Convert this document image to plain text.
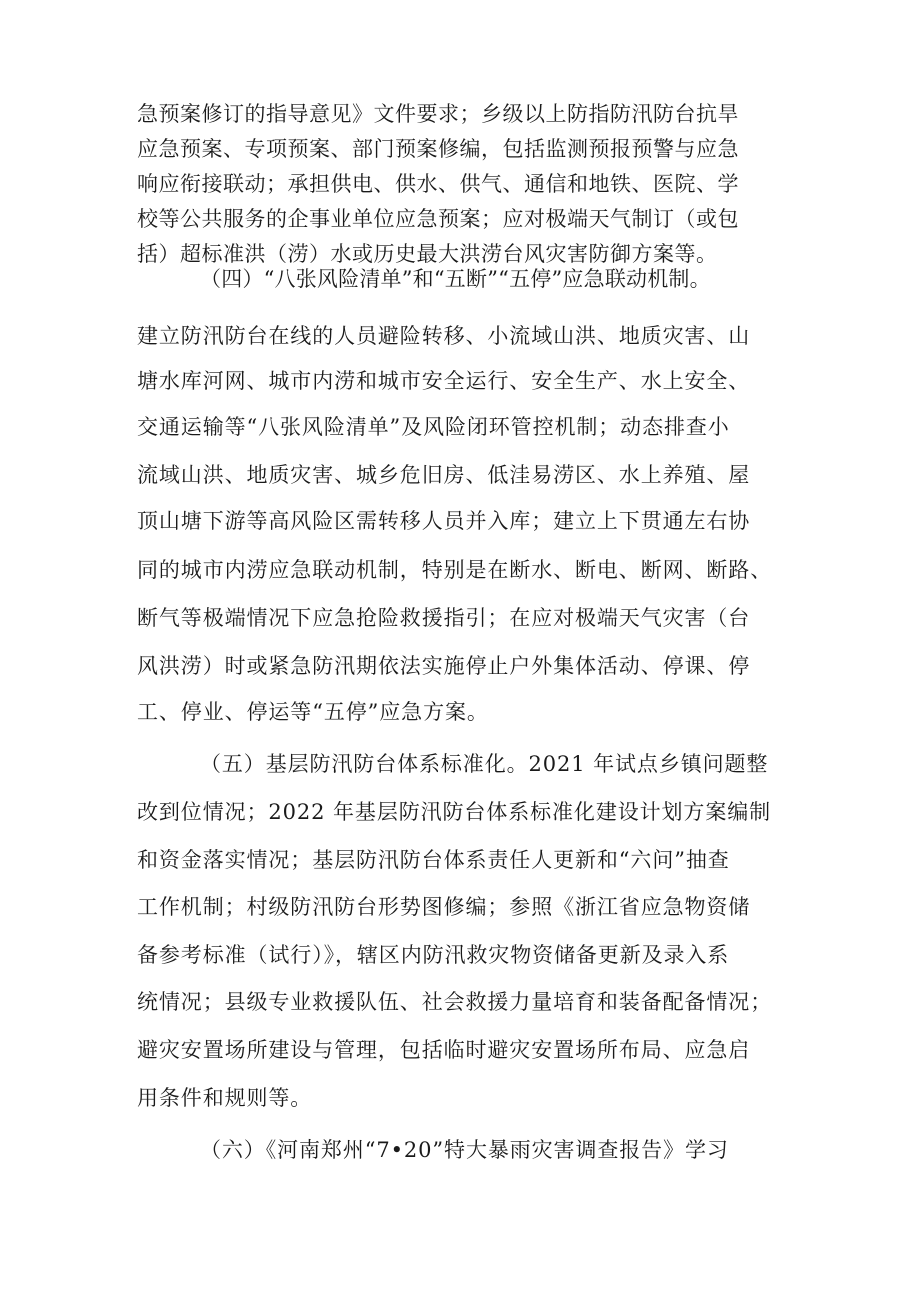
急预案修订的指导意见》文件要求；乡级以上防指防汛防台抗旱
应急预案、专项预案、部门预案修编，包括监测预报预警与应急
响应衔接联动；承担供电、供水、供气、通信和地铁、医院、学
校等公共服务的企事业单位应急预案；应对极端天气制订（或包
括）超标准洪（涝）水或历史最大洪涝台风灾害防御方案等。
（四）“八张风险清单”和“五断”“五停”应急联动机制。
建立防汛防台在线的人员避险转移、小流域山洪、地质灾害、山
塘水库河网、城市内涝和城市安全运行、安全生产、水上安全、
交通运输等“八张风险清单”及风险闭环管控机制；动态排查小
流域山洪、地质灾害、城乡危旧房、低洼易涝区、水上养殖、屋
顶山塘下游等高风险区需转移人员并入库；建立上下贯通左右协
同的城市内涝应急联动机制，特别是在断水、断电、断网、断路、
断气等极端情况下应急抢险救援指引；在应对极端天气灾害（台
风洪涝）时或紧急防汛期依法实施停止户外集体活动、停课、停
工、停业、停运等“五停”应急方案。
（五）基层防汛防台体系标准化。2021 年试点乡镇问题整
改到位情况；2022 年基层防汛防台体系标准化建设计划方案编制
和资金落实情况；基层防汛防台体系责任人更新和“六问”抽查
工作机制；村级防汛防台形势图修编；参照《浙江省应急物资储
备参考标准（试行）》，辖区内防汛救灾物资储备更新及录入系
统情况；县级专业救援队伍、社会救援力量培育和装备配备情况；
避灾安置场所建设与管理，包括临时避灾安置场所布局、应急启
用条件和规则等。
（六）《河南郑州“7•20”特大暴雨灾害调查报告》学习
